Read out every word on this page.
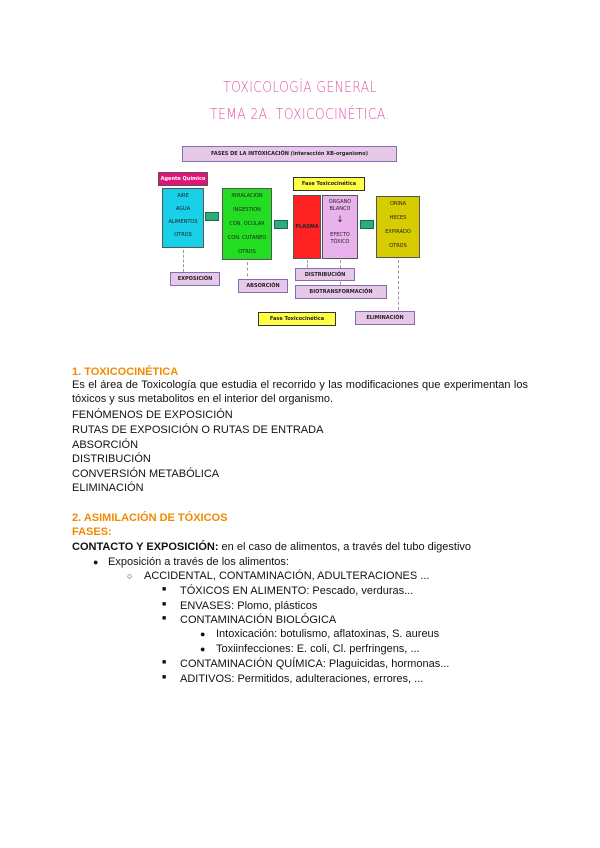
TOXICOLOGÍA GENERAL
TEMA 2A. TOXICOCINÉTICA.
FASES DE LA INTOXICACIÓN (interacción XB-organismo)
Agente Químico
AIRE
AGUA
ALIMENTOS
OTROS
INHALACION
INGESTION
CON. OCULAR
CON. CUTANEO
OTROS
Fase Toxicocinética
PLASMA
ORGANO
BLANCO
↓
EFECTO
TÓXICO
ORINA
HECES
EXPIRADO
OTROS
EXPOSICIÓN
ABSORCIÓN
DISTRIBUCIÓN
BIOTRANSFORMACIÓN
Fase Toxicocinética	ELIMINACIÓN
1. TOXICOCINÉTICA
Es el área de Toxicología que estudia el recorrido y las modificaciones que experimentan los tóxicos y sus metabolitos en el interior del organismo.
FENÓMENOS DE EXPOSICIÓN
RUTAS DE EXPOSICIÓN O RUTAS DE ENTRADA
ABSORCIÓN
DISTRIBUCIÓN
CONVERSIÓN METABÓLICA
ELIMINACIÓN
2. ASIMILACIÓN DE TÓXICOS
FASES:
CONTACTO Y EXPOSICIÓN: en el caso de alimentos, a través del tubo digestivo
● Exposición a través de los alimentos:
○ ACCIDENTAL, CONTAMINACIÓN, ADULTERACIONES ...
■ TÓXICOS EN ALIMENTO: Pescado, verduras...
■ ENVASES: Plomo, plásticos
■ CONTAMINACIÓN BIOLÓGICA
● Intoxicación: botulismo, aflatoxinas, S. aureus
● Toxiinfecciones: E. coli, Cl. perfringens, ...
■ CONTAMINACIÓN QUÍMICA: Plaguicidas, hormonas...
■ ADITIVOS: Permitidos, adulteraciones, errores, ...
